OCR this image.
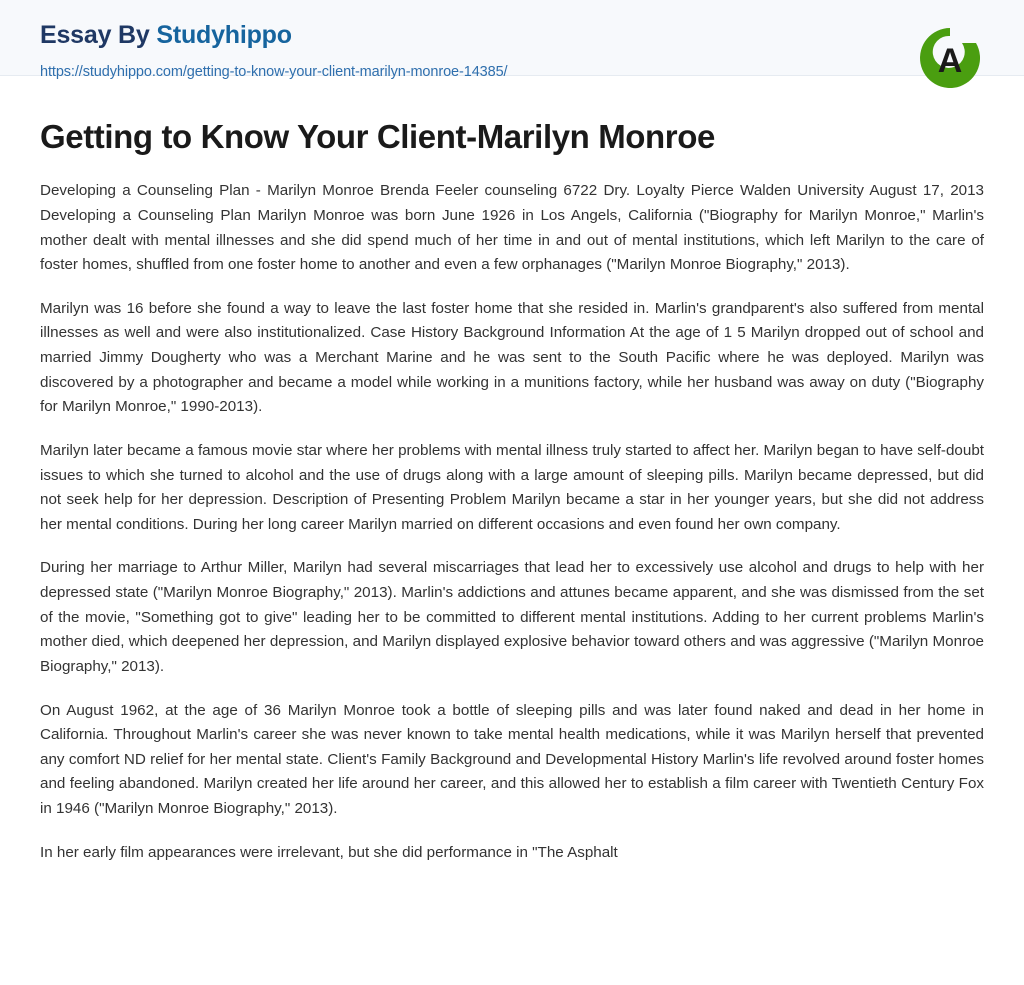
Essay By Studyhippo
https://studyhippo.com/getting-to-know-your-client-marilyn-monroe-14385/	A
Getting to Know Your Client-Marilyn Monroe

Developing a Counseling Plan - Marilyn Monroe Brenda Feeler counseling 6722 Dry. Loyalty Pierce Walden University August 17, 2013 Developing a Counseling Plan Marilyn Monroe was born June 1926 in Los Angels, California ("Biography for Marilyn Monroe," Marlin's mother dealt with mental illnesses and she did spend much of her time in and out of mental institutions, which left Marilyn to the care of foster homes, shuffled from one foster home to another and even a few orphanages ("Marilyn Monroe Biography," 2013).

Marilyn was 16 before she found a way to leave the last foster home that she resided in. Marlin's grandparent's also suffered from mental illnesses as well and were also institutionalized. Case History Background Information At the age of 1 5 Marilyn dropped out of school and married Jimmy Dougherty who was a Merchant Marine and he was sent to the South Pacific where he was deployed. Marilyn was discovered by a photographer and became a model while working in a munitions factory, while her husband was away on duty ("Biography for Marilyn Monroe," 1990-2013).

Marilyn later became a famous movie star where her problems with mental illness truly started to affect her. Marilyn began to have self-doubt issues to which she turned to alcohol and the use of drugs along with a large amount of sleeping pills. Marilyn became depressed, but did not seek help for her depression. Description of Presenting Problem Marilyn became a star in her younger years, but she did not address her mental conditions. During her long career Marilyn married on different occasions and even found her own company.

During her marriage to Arthur Miller, Marilyn had several miscarriages that lead her to excessively use alcohol and drugs to help with her depressed state ("Marilyn Monroe Biography," 2013). Marlin's addictions and attunes became apparent, and she was dismissed from the set of the movie, "Something got to give" leading her to be committed to different mental institutions. Adding to her current problems Marlin's mother died, which deepened her depression, and Marilyn displayed explosive behavior toward others and was aggressive ("Marilyn Monroe Biography," 2013).

On August 1962, at the age of 36 Marilyn Monroe took a bottle of sleeping pills and was later found naked and dead in her home in California. Throughout Marlin's career she was never known to take mental health medications, while it was Marilyn herself that prevented any comfort ND relief for her mental state. Client's Family Background and Developmental History Marlin's life revolved around foster homes and feeling abandoned. Marilyn created her life around her career, and this allowed her to establish a film career with Twentieth Century Fox in 1946 ("Marilyn Monroe Biography," 2013).

In her early film appearances were irrelevant, but she did performance in "The Asphalt
